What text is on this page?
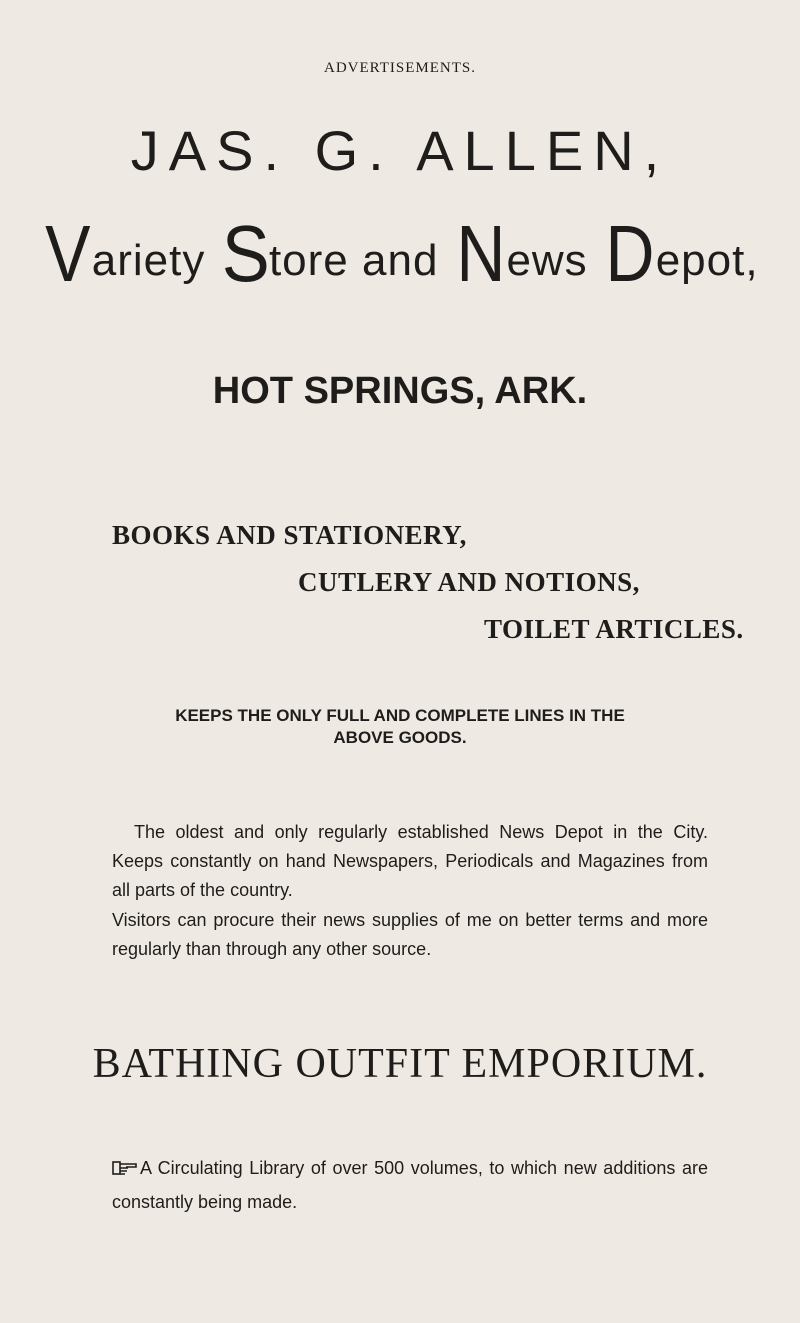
ADVERTISEMENTS.
JAS. G. ALLEN,
Variety Store and News Depot,
HOT SPRINGS, ARK.
BOOKS AND STATIONERY,
CUTLERY AND NOTIONS,
TOILET ARTICLES.
KEEPS THE ONLY FULL AND COMPLETE LINES IN THE
ABOVE GOODS.
The oldest and only regularly established News Depot in the City. Keeps constantly on hand Newspapers, Periodicals and Magazines from all parts of the country.
Visitors can procure their news supplies of me on better terms and more regularly than through any other source.
BATHING OUTFIT EMPORIUM.
A Circulating Library of over 500 volumes, to which new additions are constantly being made.
